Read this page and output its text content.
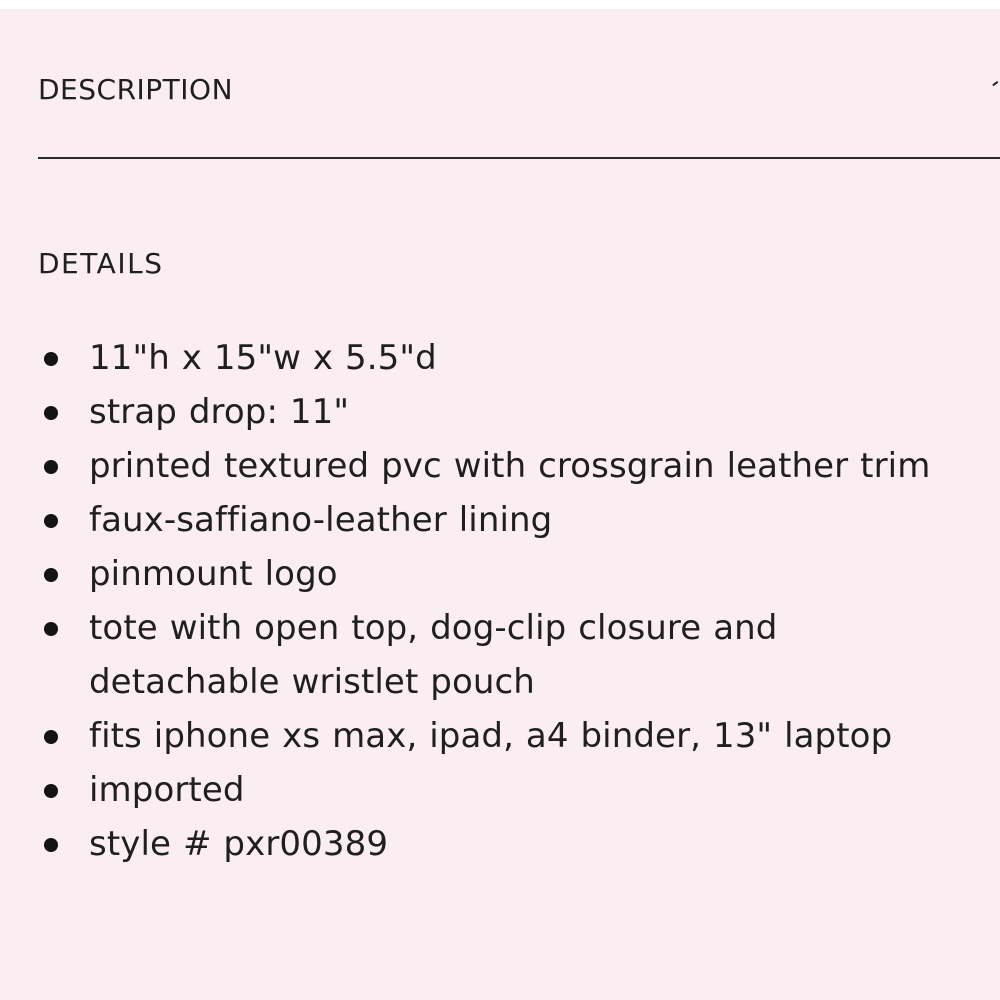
DESCRIPTION
DETAILS
11"h x 15"w x 5.5"d
strap drop: 11"
printed textured pvc with crossgrain leather trim
faux-saffiano-leather lining
pinmount logo
tote with open top, dog-clip closure and detachable wristlet pouch
fits iphone xs max, ipad, a4 binder, 13" laptop
imported
style # pxr00389
